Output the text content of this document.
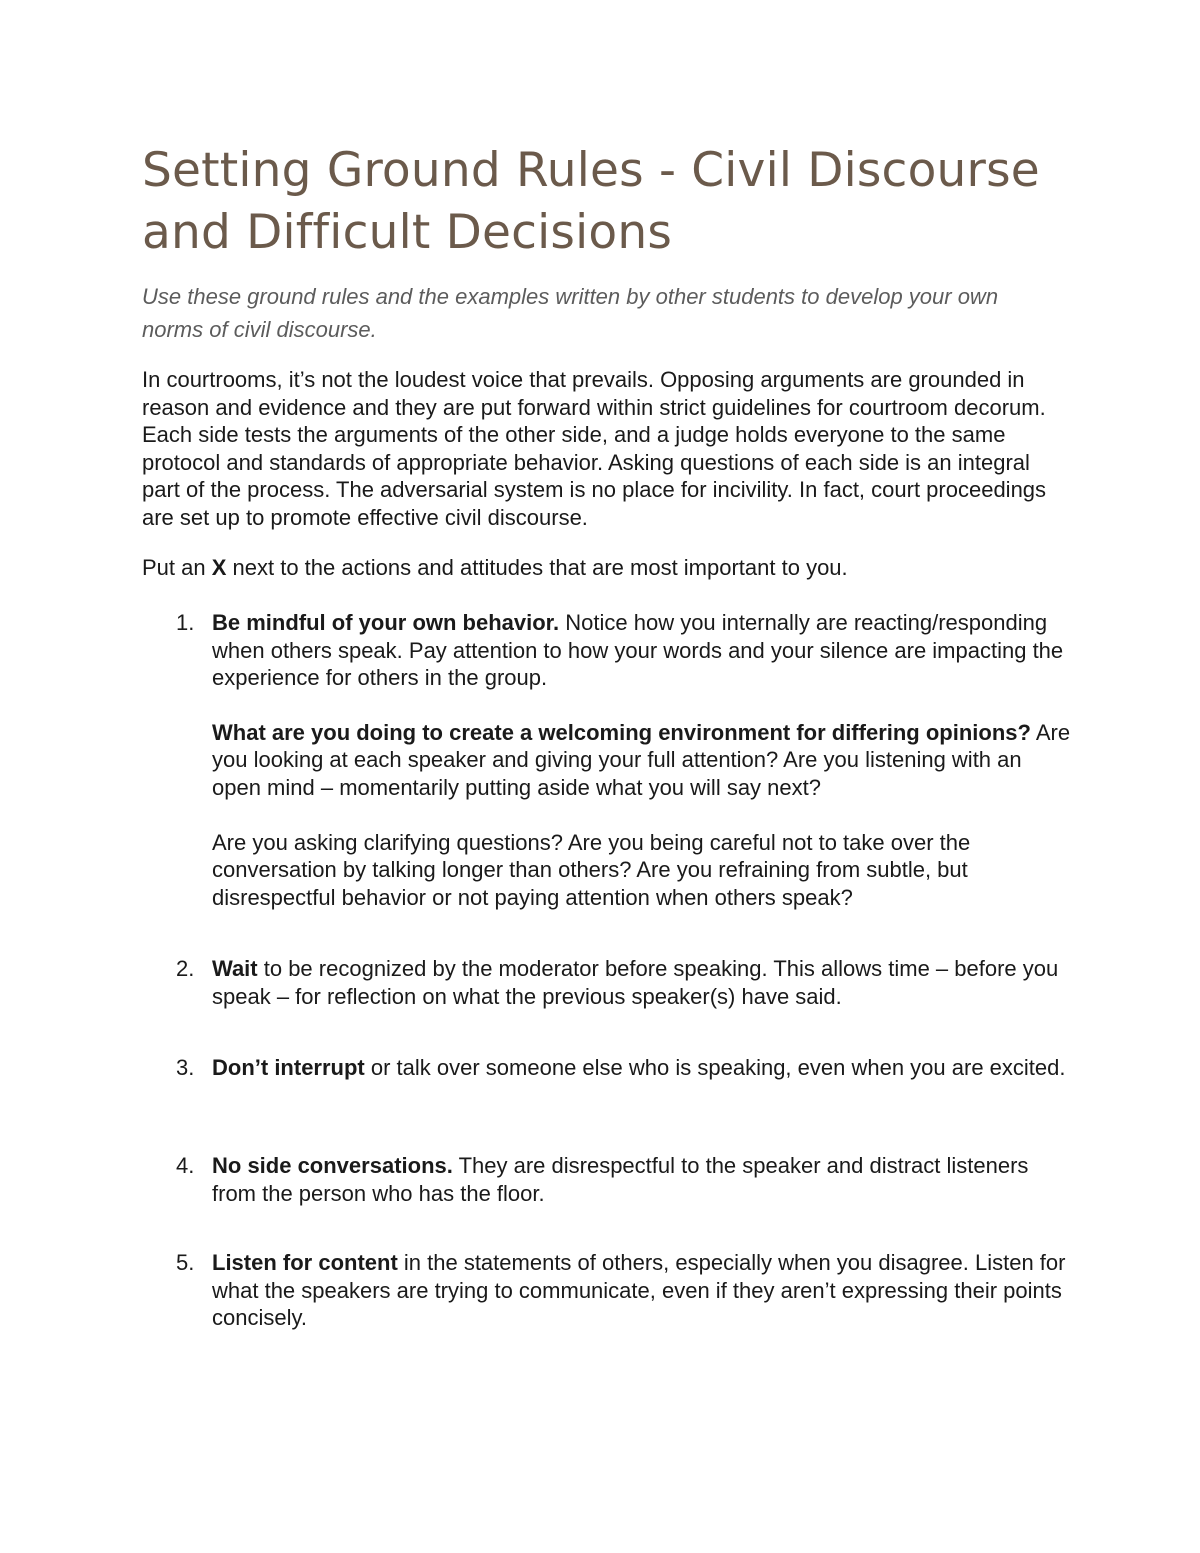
Setting Ground Rules - Civil Discourse and Difficult Decisions

Use these ground rules and the examples written by other students to develop your own norms of civil discourse.

In courtrooms, it’s not the loudest voice that prevails. Opposing arguments are grounded in reason and evidence and they are put forward within strict guidelines for courtroom decorum. Each side tests the arguments of the other side, and a judge holds everyone to the same protocol and standards of appropriate behavior. Asking questions of each side is an integral part of the process. The adversarial system is no place for incivility. In fact, court proceedings are set up to promote effective civil discourse.

Put an X next to the actions and attitudes that are most important to you.

1. Be mindful of your own behavior. Notice how you internally are reacting/responding when others speak. Pay attention to how your words and your silence are impacting the experience for others in the group.

What are you doing to create a welcoming environment for differing opinions? Are you looking at each speaker and giving your full attention? Are you listening with an open mind – momentarily putting aside what you will say next?

Are you asking clarifying questions? Are you being careful not to take over the conversation by talking longer than others? Are you refraining from subtle, but disrespectful behavior or not paying attention when others speak?

2. Wait to be recognized by the moderator before speaking. This allows time – before you speak – for reflection on what the previous speaker(s) have said.

3. Don’t interrupt or talk over someone else who is speaking, even when you are excited.

4. No side conversations. They are disrespectful to the speaker and distract listeners from the person who has the floor.

5. Listen for content in the statements of others, especially when you disagree. Listen for what the speakers are trying to communicate, even if they aren’t expressing their points concisely.
